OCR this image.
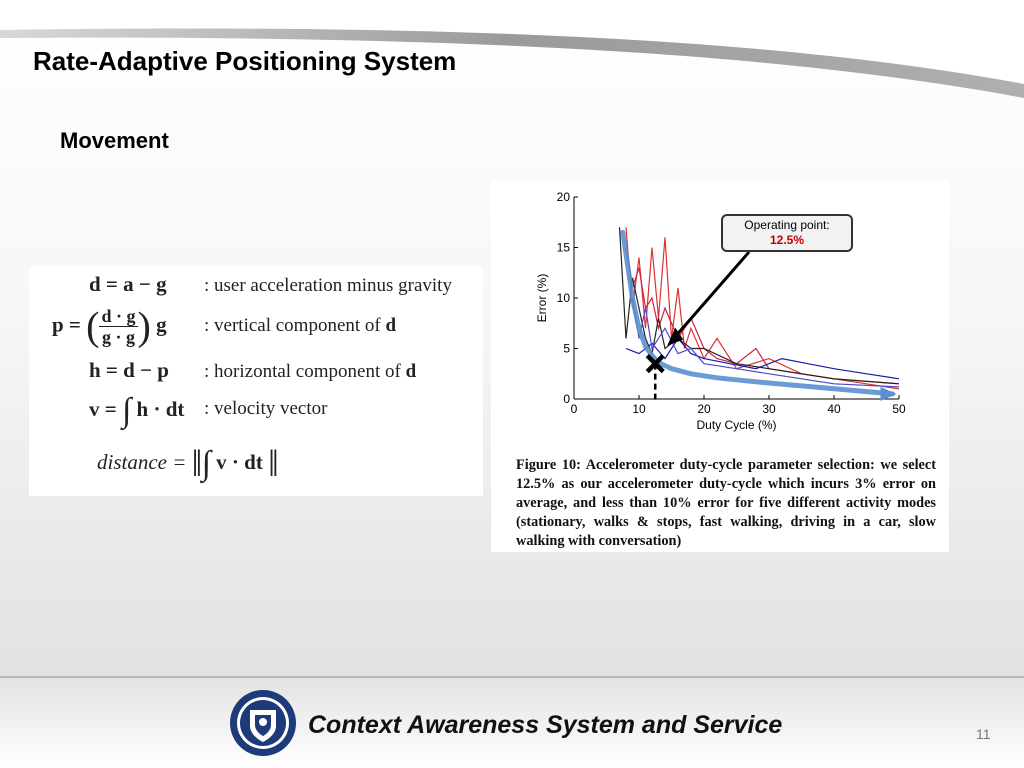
Rate-Adaptive Positioning System
Movement
d = a − g : user acceleration minus gravity
p = ( $\frac{d \cdot g}{g \cdot g}$ ) g : vertical component of d
h = d − p : horizontal component of d
v = ∫ h · dt : velocity vector
distance = ‖ ∫ v · dt ‖
0	10	20	30	40	50
0
5
10
15
20
Duty Cycle (%)
Error (%)
Operating point:
12.5%
Figure 10: Accelerometer duty-cycle parameter selection: we select 12.5% as our accelerometer duty-cycle which incurs 3% error on average, and less than 10% error for five different activity modes (stationary, walks & stops, fast walking, driving in a car, slow walking with conversation)
Context Awareness System and Service	11
